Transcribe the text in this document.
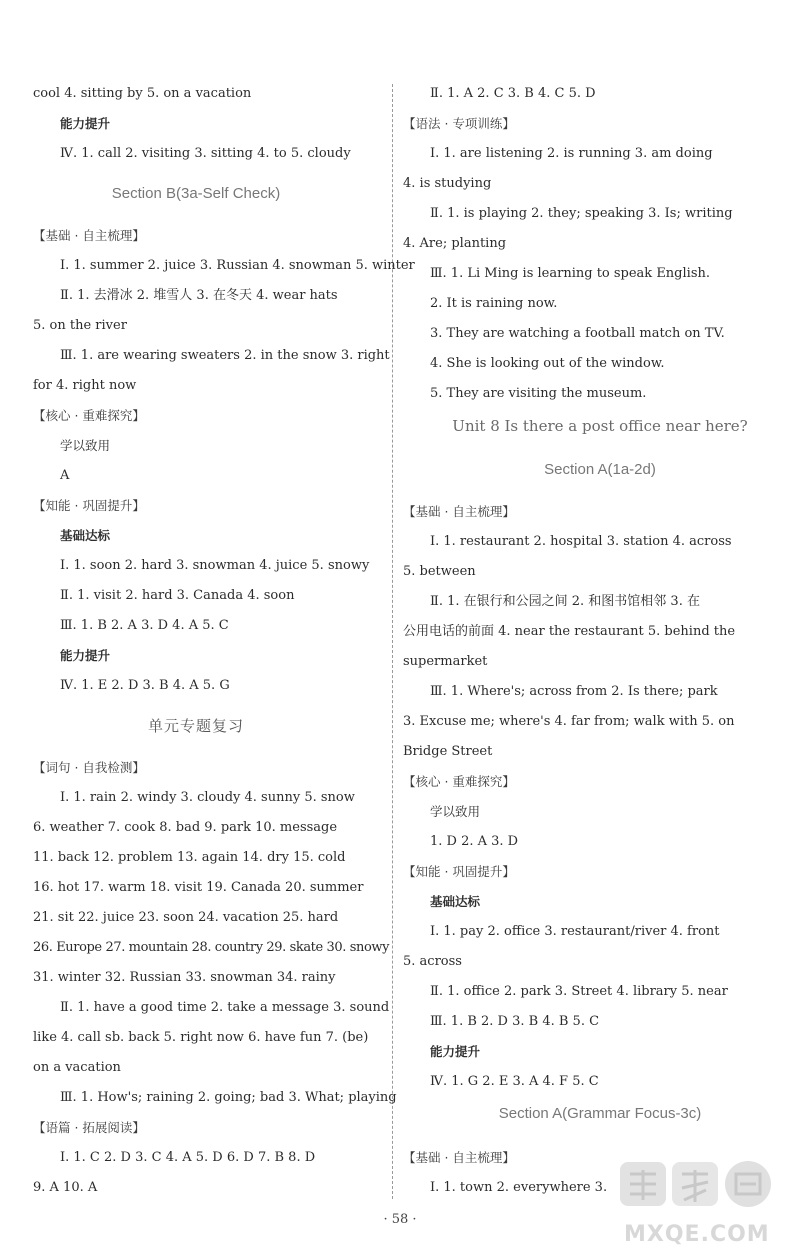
cool 4. sitting by 5. on a vacation
能力提升
Ⅳ. 1. call 2. visiting 3. sitting 4. to 5. cloudy
Section B(3a-Self Check)
【基础 · 自主梳理】
Ⅰ. 1. summer 2. juice 3. Russian 4. snowman 5. winter
Ⅱ. 1. 去滑冰 2. 堆雪人 3. 在冬天 4. wear hats
5. on the river
Ⅲ. 1. are wearing sweaters 2. in the snow 3. right
for 4. right now
【核心 · 重难探究】
学以致用
A
【知能 · 巩固提升】
基础达标
Ⅰ. 1. soon 2. hard 3. snowman 4. juice 5. snowy
Ⅱ. 1. visit 2. hard 3. Canada 4. soon
Ⅲ. 1. B 2. A 3. D 4. A 5. C
能力提升
Ⅳ. 1. E 2. D 3. B 4. A 5. G
单元专题复习
【词句 · 自我检测】
Ⅰ. 1. rain 2. windy 3. cloudy 4. sunny 5. snow
6. weather 7. cook 8. bad 9. park 10. message
11. back 12. problem 13. again 14. dry 15. cold
16. hot 17. warm 18. visit 19. Canada 20. summer
21. sit 22. juice 23. soon 24. vacation 25. hard
26. Europe 27. mountain 28. country 29. skate 30. snowy
31. winter 32. Russian 33. snowman 34. rainy
Ⅱ. 1. have a good time 2. take a message 3. sound
like 4. call sb. back 5. right now 6. have fun 7. (be)
on a vacation
Ⅲ. 1. How's; raining 2. going; bad 3. What; playing
【语篇 · 拓展阅读】
Ⅰ. 1. C 2. D 3. C 4. A 5. D 6. D 7. B 8. D
9. A 10. A
Ⅱ. 1. A 2. C 3. B 4. C 5. D
【语法 · 专项训练】
Ⅰ. 1. are listening 2. is running 3. am doing
4. is studying
Ⅱ. 1. is playing 2. they; speaking 3. Is; writing
4. Are; planting
Ⅲ. 1. Li Ming is learning to speak English.
2. It is raining now.
3. They are watching a football match on TV.
4. She is looking out of the window.
5. They are visiting the museum.
Unit 8 Is there a post office near here?
Section A(1a-2d)
【基础 · 自主梳理】
Ⅰ. 1. restaurant 2. hospital 3. station 4. across
5. between
Ⅱ. 1. 在银行和公园之间 2. 和图书馆相邻 3. 在
公用电话的前面 4. near the restaurant 5. behind the
supermarket
Ⅲ. 1. Where's; across from 2. Is there; park
3. Excuse me; where's 4. far from; walk with 5. on
Bridge Street
【核心 · 重难探究】
学以致用
1. D 2. A 3. D
【知能 · 巩固提升】
基础达标
Ⅰ. 1. pay 2. office 3. restaurant/river 4. front
5. across
Ⅱ. 1. office 2. park 3. Street 4. library 5. near
Ⅲ. 1. B 2. D 3. B 4. B 5. C
能力提升
Ⅳ. 1. G 2. E 3. A 4. F 5. C
Section A(Grammar Focus-3c)
【基础 · 自主梳理】
Ⅰ. 1. town 2. everywhere 3.
· 58 ·
MXQE.COM
